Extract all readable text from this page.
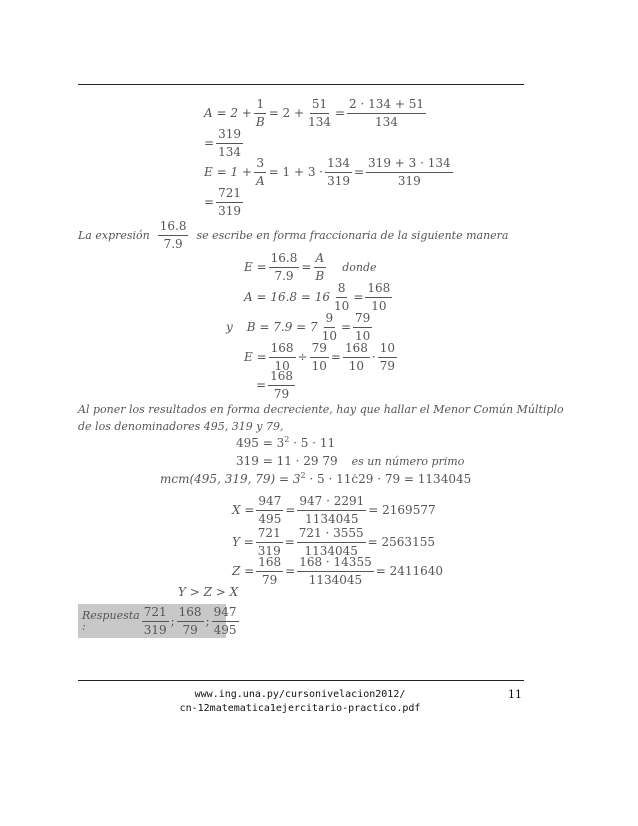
$A = 2 + \frac{1}{B} = 2 + \frac{51}{134} = \frac{2 \cdot 134 + 51}{134}$
= $\frac{319}{134}$
$E = 1 + \frac{3}{A} = 1 + 3 \cdot \frac{134}{319} = \frac{319 + 3 \cdot 134}{319}$
= $\frac{721}{319}$
La expresión $\frac{16.8}{7.9}$ se escribe en forma fraccionaria de la siguiente manera
$E = \frac{16.8}{7.9} = \frac{A}{B}$ donde
$A = 16.8 = 16 \frac{8}{10} = \frac{168}{10}$
y $B = 7.9 = 7 \frac{9}{10} = \frac{79}{10}$
$E = \frac{168}{10} \div \frac{79}{10} = \frac{168}{10} \cdot \frac{10}{79}$
= $\frac{168}{79}$
Al poner los resultados en forma decreciente, hay que hallar el Menor Común Múltiplo
de los denominadores 495, 319 y 79,
$495 = 3^2 \cdot 5 \cdot 11$
319 = 11 · 29 79 es un número primo
mcm(495, 319, $79) = 3^2 \cdot 5$ · 11ċ29 · 79 = 1134045
$X = \frac{947}{495} = \frac{947 \cdot 2291}{1134045} = 2169577$
$Y = \frac{721}{319} = \frac{721 \cdot 3555}{1134045} = 2563155$
$Z = \frac{168}{79} = \frac{168 \cdot 14355}{1134045} = 2411640$
Y > Z > X
Respuesta :	$\frac{721}{319}$ ; $\frac{168}{79}$ ; $\frac{947}{495}$
www.ing.una.py/cursonivelacion2012/
cn-12matematica1ejercitario-practico.pdf
11
